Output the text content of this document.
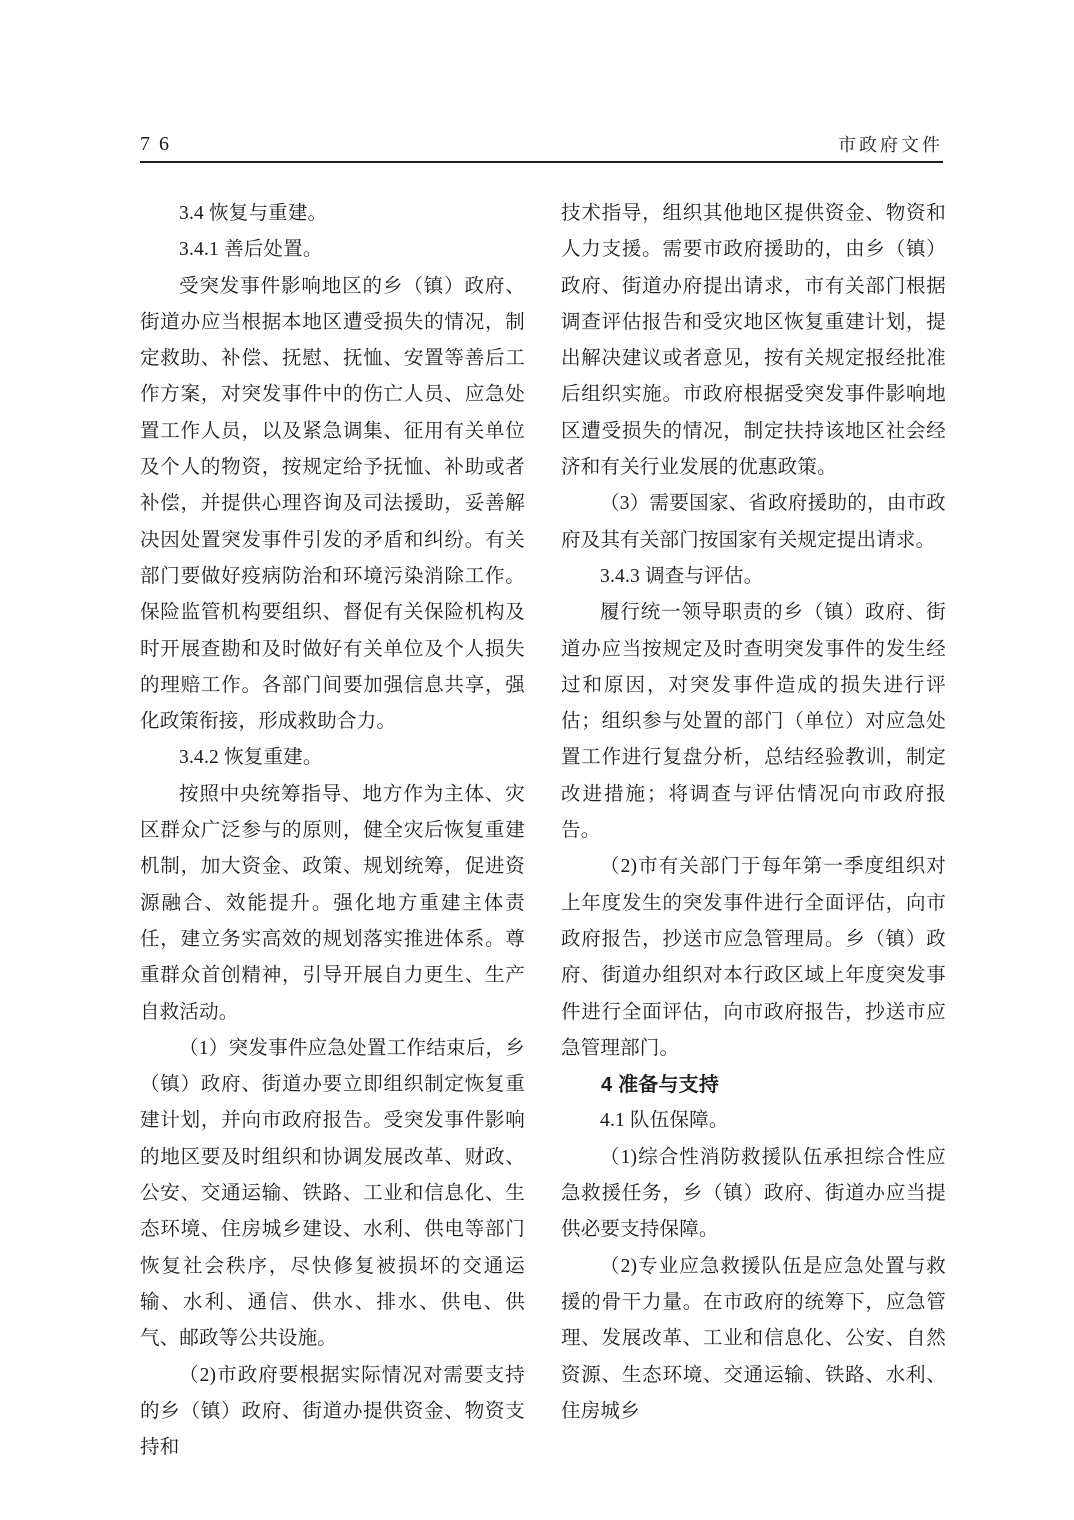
7 6	市政府文件
3.4 恢复与重建。
3.4.1 善后处置。
受突发事件影响地区的乡（镇）政府、街道办应当根据本地区遭受损失的情况，制定救助、补偿、抚慰、抚恤、安置等善后工作方案，对突发事件中的伤亡人员、应急处置工作人员，以及紧急调集、征用有关单位及个人的物资，按规定给予抚恤、补助或者补偿，并提供心理咨询及司法援助，妥善解决因处置突发事件引发的矛盾和纠纷。有关部门要做好疫病防治和环境污染消除工作。保险监管机构要组织、督促有关保险机构及时开展查勘和及时做好有关单位及个人损失的理赔工作。各部门间要加强信息共享，强化政策衔接，形成救助合力。
3.4.2 恢复重建。
按照中央统筹指导、地方作为主体、灾区群众广泛参与的原则，健全灾后恢复重建机制，加大资金、政策、规划统筹，促进资源融合、效能提升。强化地方重建主体责任，建立务实高效的规划落实推进体系。尊重群众首创精神，引导开展自力更生、生产自救活动。
（1）突发事件应急处置工作结束后，乡（镇）政府、街道办要立即组织制定恢复重建计划，并向市政府报告。受突发事件影响的地区要及时组织和协调发展改革、财政、公安、交通运输、铁路、工业和信息化、生态环境、住房城乡建设、水利、供电等部门恢复社会秩序，尽快修复被损坏的交通运输、水利、通信、供水、排水、供电、供气、邮政等公共设施。
（2)市政府要根据实际情况对需要支持的乡（镇）政府、街道办提供资金、物资支持和
技术指导，组织其他地区提供资金、物资和人力支援。需要市政府援助的，由乡（镇）政府、街道办府提出请求，市有关部门根据调查评估报告和受灾地区恢复重建计划，提出解决建议或者意见，按有关规定报经批准后组织实施。市政府根据受突发事件影响地区遭受损失的情况，制定扶持该地区社会经济和有关行业发展的优惠政策。
（3）需要国家、省政府援助的，由市政府及其有关部门按国家有关规定提出请求。
3.4.3 调查与评估。
履行统一领导职责的乡（镇）政府、街道办应当按规定及时查明突发事件的发生经过和原因，对突发事件造成的损失进行评估；组织参与处置的部门（单位）对应急处置工作进行复盘分析，总结经验教训，制定改进措施；将调查与评估情况向市政府报告。
（2)市有关部门于每年第一季度组织对上年度发生的突发事件进行全面评估，向市政府报告，抄送市应急管理局。乡（镇）政府、街道办组织对本行政区域上年度突发事件进行全面评估，向市政府报告，抄送市应急管理部门。
4 准备与支持
4.1 队伍保障。
（1)综合性消防救援队伍承担综合性应急救援任务，乡（镇）政府、街道办应当提供必要支持保障。
（2)专业应急救援队伍是应急处置与救援的骨干力量。在市政府的统筹下，应急管理、发展改革、工业和信息化、公安、自然资源、生态环境、交通运输、铁路、水利、住房城乡
